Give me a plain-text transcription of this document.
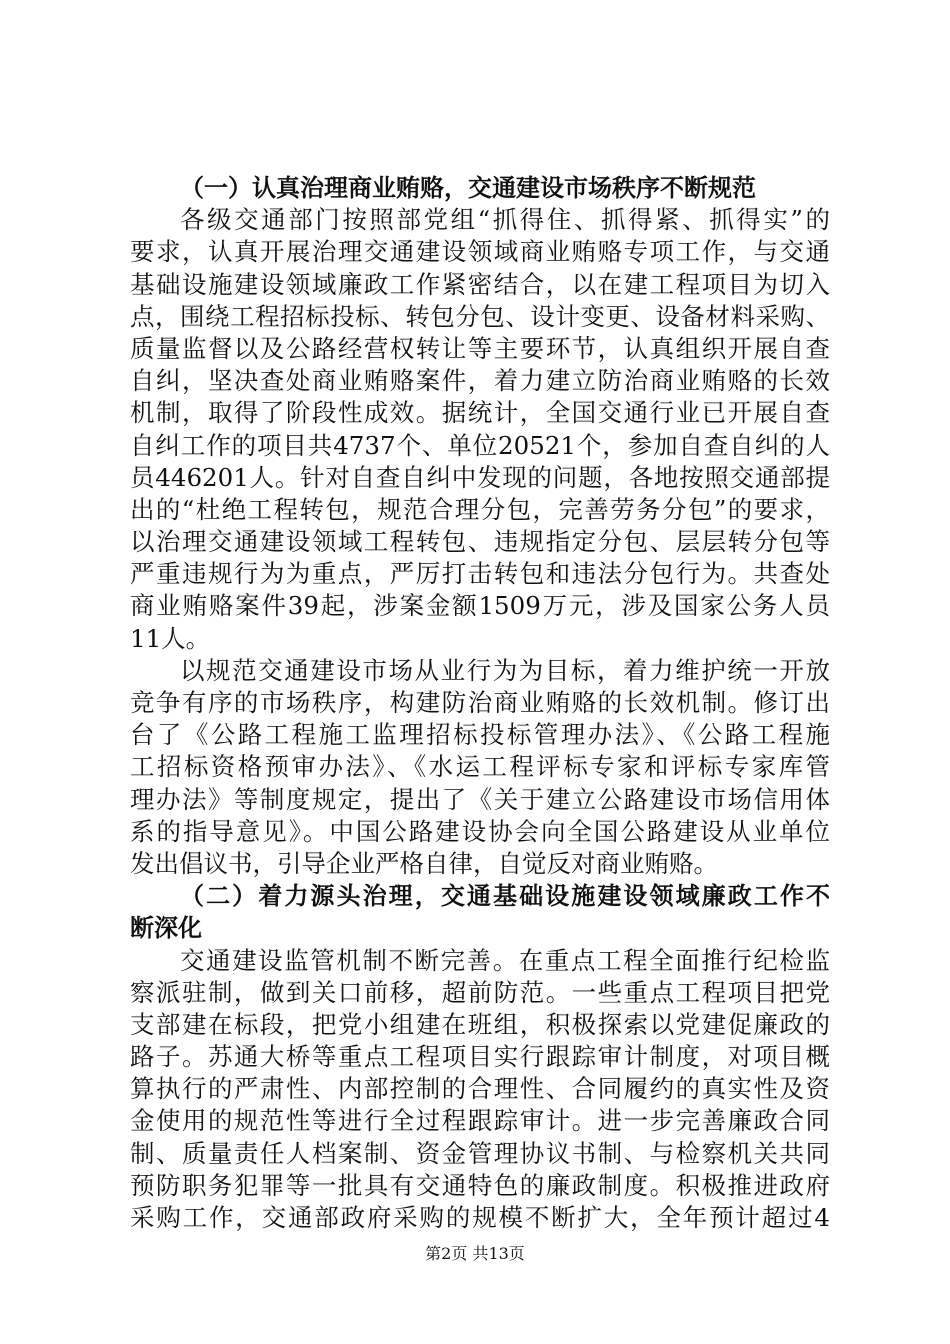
（一）认真治理商业贿赂，交通建设市场秩序不断规范
各级交通部门按照部党组“抓得住、抓得紧、抓得实”的
要求，认真开展治理交通建设领域商业贿赂专项工作，与交通
基础设施建设领域廉政工作紧密结合，以在建工程项目为切入
点，围绕工程招标投标、转包分包、设计变更、设备材料采购、
质量监督以及公路经营权转让等主要环节，认真组织开展自查
自纠，坚决查处商业贿赂案件，着力建立防治商业贿赂的长效
机制，取得了阶段性成效。据统计，全国交通行业已开展自查
自纠工作的项目共4737个、单位20521个，参加自查自纠的人
员446201人。针对自查自纠中发现的问题，各地按照交通部提
出的“杜绝工程转包，规范合理分包，完善劳务分包”的要求，
以治理交通建设领域工程转包、违规指定分包、层层转分包等
严重违规行为为重点，严厉打击转包和违法分包行为。共查处
商业贿赂案件39起，涉案金额1509万元，涉及国家公务人员
11人。
以规范交通建设市场从业行为为目标，着力维护统一开放
竞争有序的市场秩序，构建防治商业贿赂的长效机制。修订出
台了《公路工程施工监理招标投标管理办法》、《公路工程施
工招标资格预审办法》、《水运工程评标专家和评标专家库管
理办法》等制度规定，提出了《关于建立公路建设市场信用体
系的指导意见》。中国公路建设协会向全国公路建设从业单位
发出倡议书，引导企业严格自律，自觉反对商业贿赂。
（二）着力源头治理，交通基础设施建设领域廉政工作不
断深化
交通建设监管机制不断完善。在重点工程全面推行纪检监
察派驻制，做到关口前移，超前防范。一些重点工程项目把党
支部建在标段，把党小组建在班组，积极探索以党建促廉政的
路子。苏通大桥等重点工程项目实行跟踪审计制度，对项目概
算执行的严肃性、内部控制的合理性、合同履约的真实性及资
金使用的规范性等进行全过程跟踪审计。进一步完善廉政合同
制、质量责任人档案制、资金管理协议书制、与检察机关共同
预防职务犯罪等一批具有交通特色的廉政制度。积极推进政府
采购工作，交通部政府采购的规模不断扩大，全年预计超过4
第2页 共13页
